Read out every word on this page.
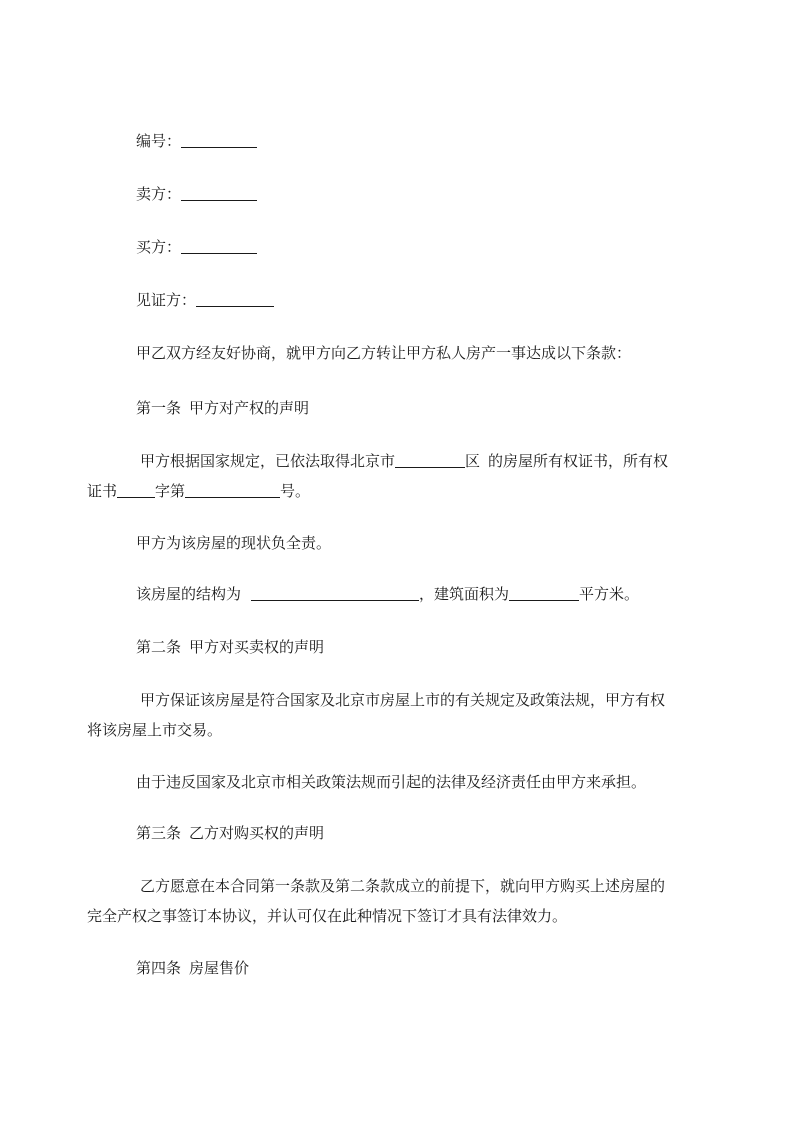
编号：
卖方：
买方：
见证方：
甲乙双方经友好协商，就甲方向乙方转让甲方私人房产一事达成以下条款：
第一条 甲方对产权的声明
甲方根据国家规定，已依法取得北京市	区 的房屋所有权证书，所有权
证书	字第	号。
甲方为该房屋的现状负全责。
该房屋的结构为	，建筑面积为	平方米。
第二条 甲方对买卖权的声明
甲方保证该房屋是符合国家及北京市房屋上市的有关规定及政策法规，甲方有权
将该房屋上市交易。
由于违反国家及北京市相关政策法规而引起的法律及经济责任由甲方来承担。
第三条 乙方对购买权的声明
乙方愿意在本合同第一条款及第二条款成立的前提下，就向甲方购买上述房屋的
完全产权之事签订本协议，并认可仅在此种情况下签订才具有法律效力。
第四条 房屋售价
